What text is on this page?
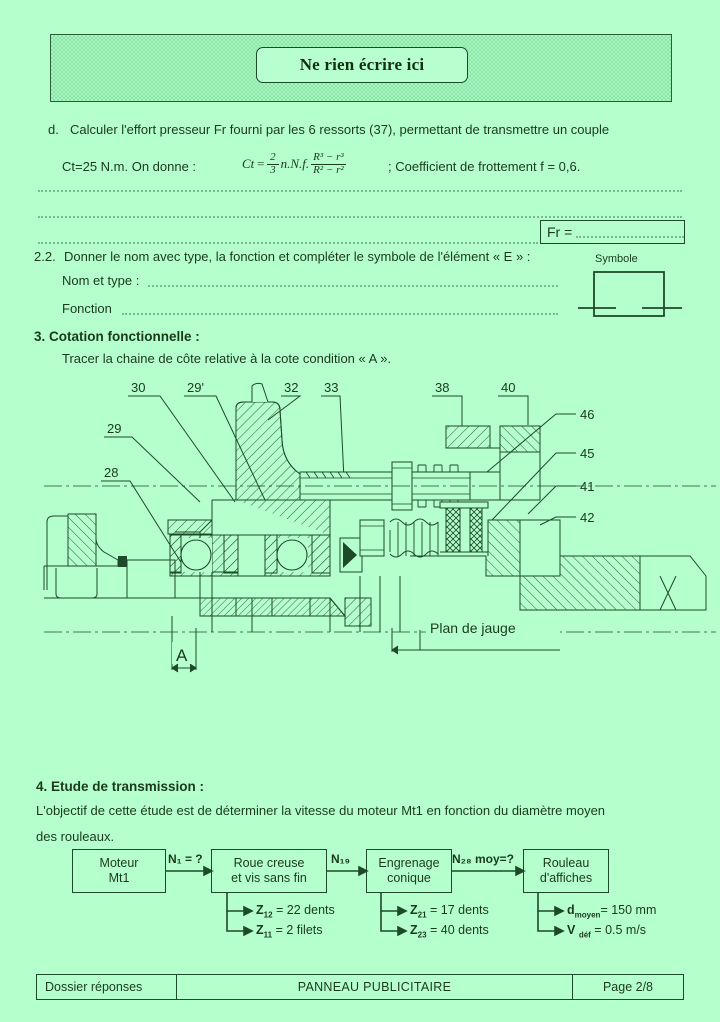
Ne rien écrire ici
d. Calculer l'effort presseur Fr fourni par les 6 ressorts (37), permettant de transmettre un couple
Ct=25 N.m. On donne :	$Ct = \frac{2}{3} n.N.f$. $\frac{\text{R³ − r³}}{\text{R² − r²}}$	; Coefficient de frottement f = 0,6.
Fr =
2.2. Donner le nom avec type, la fonction et compléter le symbole de l'élément « E » :
Nom et type :
Fonction
Symbole
3. Cotation fonctionnelle :
Tracer la chaine de côte relative à la cote condition « A ».
30	29'	32 33	38	40
46
45
41
42
29
28
A
Plan de jauge
4. Etude de transmission :
L'objectif de cette étude est de déterminer la vitesse du moteur Mt1 en fonction du diamètre moyen
des rouleaux.
Moteur
Mt1
Roue creuse
et vis sans fin
Engrenage
conique
Rouleau
d'affiches
N₁ = ?	N₁₉	N₂₈ moy=?
$Z_{12} = 22$ dents
$Z_{11} = 2$ filets
$Z_{21} = 17$ dents
$Z_{23} = 40$ dents
$d_{moyen}= 150$ mm
V $_{déf}$ = 0.5 m/s
Dossier réponses	PANNEAU PUBLICITAIRE	Page 2/8
